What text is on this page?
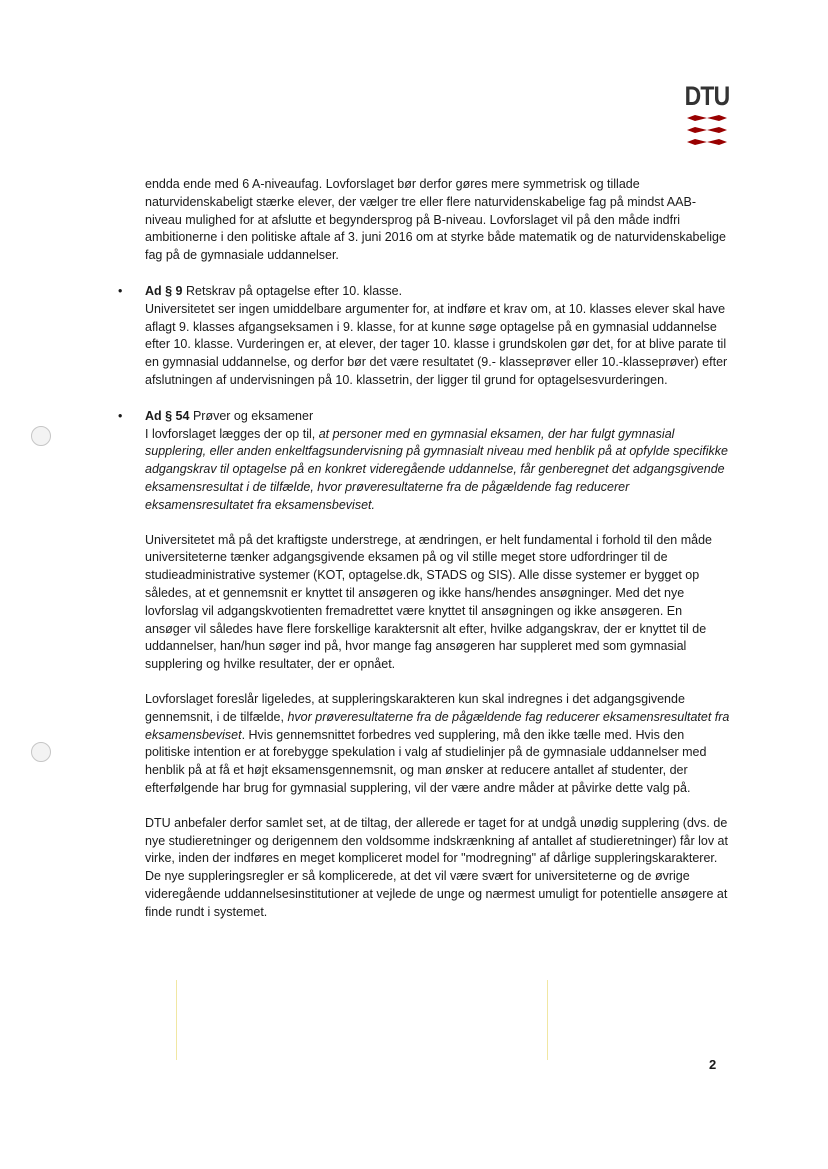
DTU

endda ende med 6 A-niveaufag. Lovforslaget bør derfor gøres mere symmetrisk og tillade naturvidenskabeligt stærke elever, der vælger tre eller flere naturvidenskabelige fag på mindst AAB-niveau mulighed for at afslutte et begyndersprog på B-niveau. Lovforslaget vil på den måde indfri ambitionerne i den politiske aftale af 3. juni 2016 om at styrke både matematik og de naturvidenskabelige fag på de gymnasiale uddannelser.

• Ad § 9 Retskrav på optagelse efter 10. klasse.

Universitetet ser ingen umiddelbare argumenter for, at indføre et krav om, at 10. klasses elever skal have aflagt 9. klasses afgangseksamen i 9. klasse, for at kunne søge optagelse på en gymnasial uddannelse efter 10. klasse. Vurderingen er, at elever, der tager 10. klasse i grundskolen gør det, for at blive parate til en gymnasial uddannelse, og derfor bør det være resultatet (9.- klasseprøver eller 10.-klasseprøver) efter afslutningen af undervisningen på 10. klassetrin, der ligger til grund for optagelsesvurderingen.

• Ad § 54 Prøver og eksamener

I lovforslaget lægges der op til, at personer med en gymnasial eksamen, der har fulgt gymnasial supplering, eller anden enkeltfagsundervisning på gymnasialt niveau med henblik på at opfylde specifikke adgangskrav til optagelse på en konkret videregående uddannelse, får genberegnet det adgangsgivende eksamensresultat i de tilfælde, hvor prøveresultaterne fra de pågældende fag reducerer eksamensresultatet fra eksamensbeviset.

Universitetet må på det kraftigste understrege, at ændringen, er helt fundamental i forhold til den måde universiteterne tænker adgangsgivende eksamen på og vil stille meget store udfordringer til de studieadministrative systemer (KOT, optagelse.dk, STADS og SIS). Alle disse systemer er bygget op således, at et gennemsnit er knyttet til ansøgeren og ikke hans/hendes ansøgninger. Med det nye lovforslag vil adgangskvotienten fremadrettet være knyttet til ansøgningen og ikke ansøgeren. En ansøger vil således have flere forskellige karaktersnit alt efter, hvilke adgangskrav, der er knyttet til de uddannelser, han/hun søger ind på, hvor mange fag ansøgeren har suppleret med som gymnasial supplering og hvilke resultater, der er opnået.

Lovforslaget foreslår ligeledes, at suppleringskarakteren kun skal indregnes i det adgangsgivende gennemsnit, i de tilfælde, hvor prøveresultaterne fra de pågældende fag reducerer eksamensresultatet fra eksamensbeviset. Hvis gennemsnittet forbedres ved supplering, må den ikke tælle med. Hvis den politiske intention er at forebygge spekulation i valg af studielinjer på de gymnasiale uddannelser med henblik på at få et højt eksamensgennemsnit, og man ønsker at reducere antallet af studenter, der efterfølgende har brug for gymnasial supplering, vil der være andre måder at påvirke dette valg på.

DTU anbefaler derfor samlet set, at de tiltag, der allerede er taget for at undgå unødig supplering (dvs. de nye studieretninger og derigennem den voldsomme indskrænkning af antallet af studieretninger) får lov at virke, inden der indføres en meget kompliceret model for "modregning" af dårlige suppleringskarakterer. De nye suppleringsregler er så komplicerede, at det vil være svært for universiteterne og de øvrige videregående uddannelsesinstitutioner at vejlede de unge og nærmest umuligt for potentielle ansøgere at finde rundt i systemet.

2
